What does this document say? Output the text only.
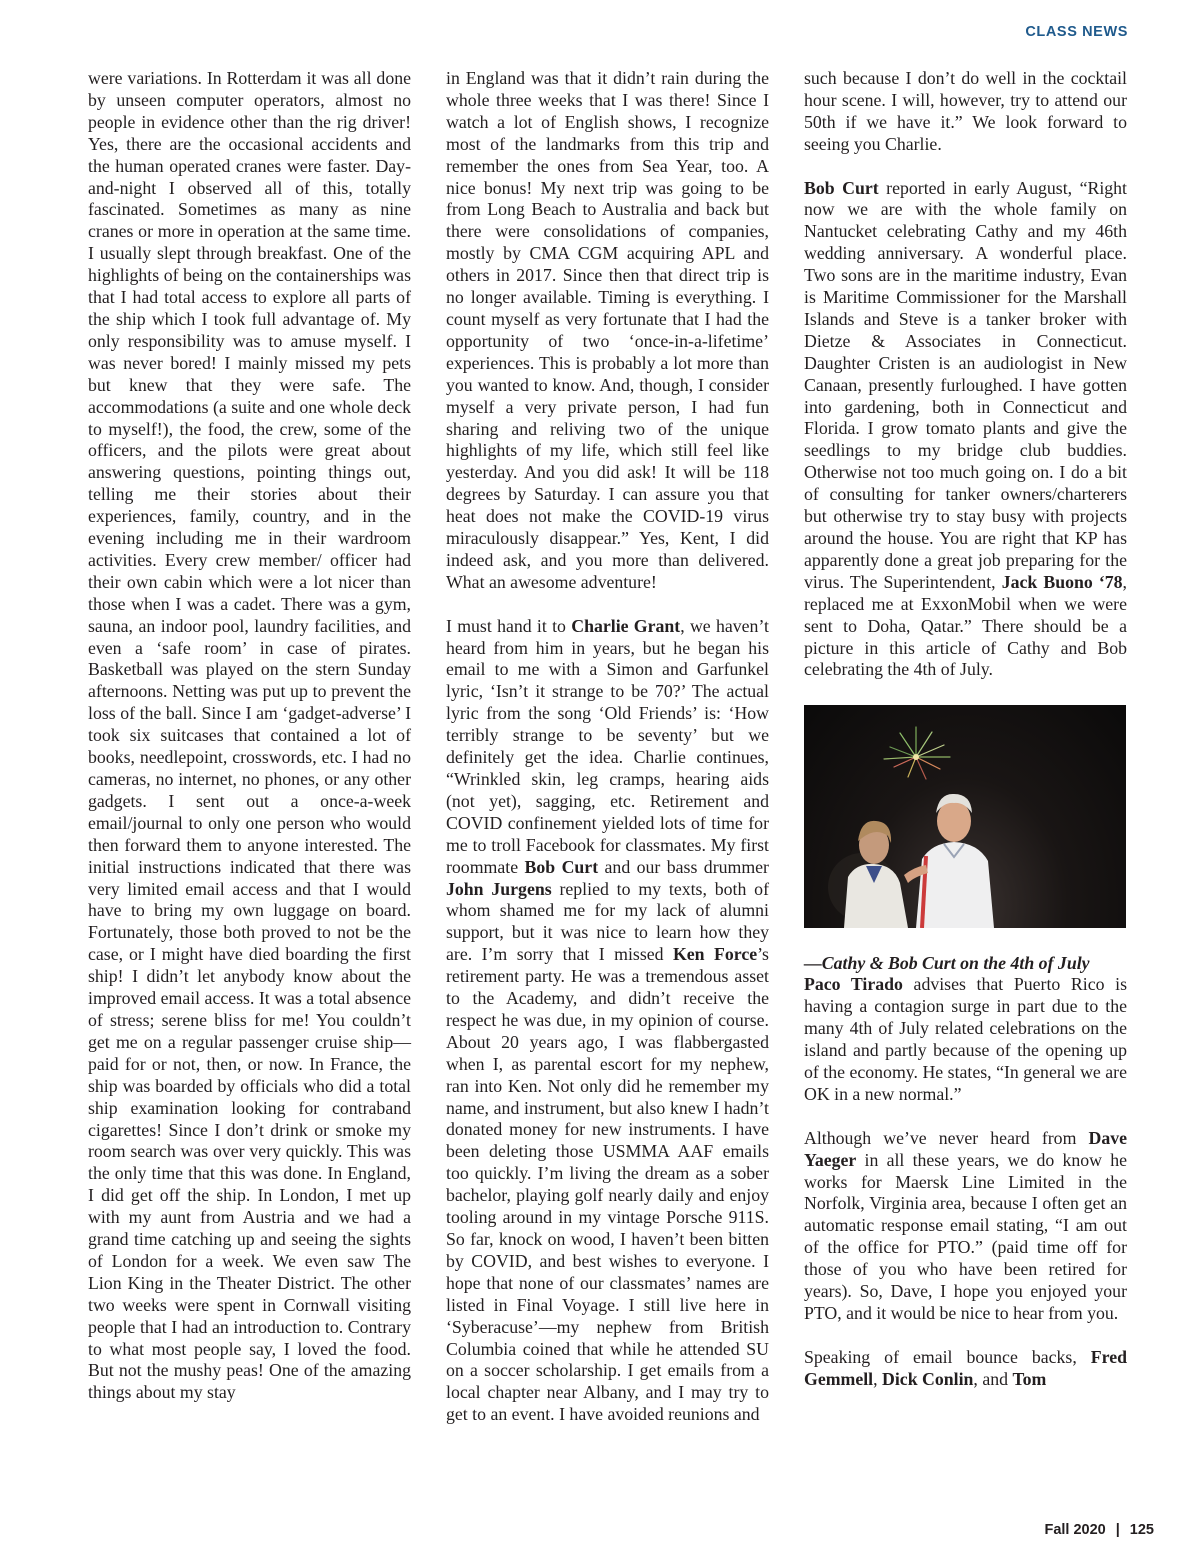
CLASS NEWS

were variations. In Rotterdam it was all done by unseen computer operators, almost no people in evidence other than the rig driver! Yes, there are the occasional accidents and the human operated cranes were faster. Day-and-night I observed all of this, totally fascinated. Sometimes as many as nine cranes or more in operation at the same time. I usually slept through breakfast. One of the highlights of being on the containerships was that I had total access to explore all parts of the ship which I took full advantage of. My only responsibility was to amuse myself. I was never bored! I mainly missed my pets but knew that they were safe. The accommodations (a suite and one whole deck to myself!), the food, the crew, some of the officers, and the pilots were great about answering questions, pointing things out, telling me their stories about their experiences, family, country, and in the evening including me in their wardroom activities. Every crew member/ officer had their own cabin which were a lot nicer than those when I was a cadet. There was a gym, sauna, an indoor pool, laundry facilities, and even a ‘safe room’ in case of pirates. Basketball was played on the stern Sunday afternoons. Netting was put up to prevent the loss of the ball. Since I am ‘gadget-adverse’ I took six suitcases that contained a lot of books, needlepoint, crosswords, etc. I had no cameras, no internet, no phones, or any other gadgets. I sent out a once-a-week email/journal to only one person who would then forward them to anyone interested. The initial instructions indicated that there was very limited email access and that I would have to bring my own luggage on board. Fortunately, those both proved to not be the case, or I might have died boarding the first ship! I didn’t let anybody know about the improved email access. It was a total absence of stress; serene bliss for me! You couldn’t get me on a regular passenger cruise ship—paid for or not, then, or now. In France, the ship was boarded by officials who did a total ship examination looking for contraband cigarettes! Since I don’t drink or smoke my room search was over very quickly. This was the only time that this was done. In England, I did get off the ship. In London, I met up with my aunt from Austria and we had a grand time catching up and seeing the sights of London for a week. We even saw The Lion King in the Theater District. The other two weeks were spent in Cornwall visiting people that I had an introduction to. Contrary to what most people say, I loved the food. But not the mushy peas! One of the amazing things about my stay

in England was that it didn’t rain during the whole three weeks that I was there! Since I watch a lot of English shows, I recognize most of the landmarks from this trip and remember the ones from Sea Year, too. A nice bonus! My next trip was going to be from Long Beach to Australia and back but there were consolidations of companies, mostly by CMA CGM acquiring APL and others in 2017. Since then that direct trip is no longer available. Timing is everything. I count myself as very fortunate that I had the opportunity of two ‘once-in-a-lifetime’ experiences. This is probably a lot more than you wanted to know. And, though, I consider myself a very private person, I had fun sharing and reliving two of the unique highlights of my life, which still feel like yesterday. And you did ask! It will be 118 degrees by Saturday. I can assure you that heat does not make the COVID-19 virus miraculously disappear.” Yes, Kent, I did indeed ask, and you more than delivered. What an awesome adventure!

I must hand it to Charlie Grant, we haven’t heard from him in years, but he began his email to me with a Simon and Garfunkel lyric, ‘Isn’t it strange to be 70?’ The actual lyric from the song ‘Old Friends’ is: ‘How terribly strange to be seventy’ but we definitely get the idea. Charlie continues, “Wrinkled skin, leg cramps, hearing aids (not yet), sagging, etc. Retirement and COVID confinement yielded lots of time for me to troll Facebook for classmates. My first roommate Bob Curt and our bass drummer John Jurgens replied to my texts, both of whom shamed me for my lack of alumni support, but it was nice to learn how they are. I’m sorry that I missed Ken Force’s retirement party. He was a tremendous asset to the Academy, and didn’t receive the respect he was due, in my opinion of course. About 20 years ago, I was flabbergasted when I, as parental escort for my nephew, ran into Ken. Not only did he remember my name, and instrument, but also knew I hadn’t donated money for new instruments. I have been deleting those USMMA AAF emails too quickly. I’m living the dream as a sober bachelor, playing golf nearly daily and enjoy tooling around in my vintage Porsche 911S. So far, knock on wood, I haven’t been bitten by COVID, and best wishes to everyone. I hope that none of our classmates’ names are listed in Final Voyage. I still live here in ‘Syberacuse’—my nephew from British Columbia coined that while he attended SU on a soccer scholarship. I get emails from a local chapter near Albany, and I may try to get to an event. I have avoided reunions and

such because I don’t do well in the cocktail hour scene. I will, however, try to attend our 50th if we have it.” We look forward to seeing you Charlie.

Bob Curt reported in early August, “Right now we are with the whole family on Nantucket celebrating Cathy and my 46th wedding anniversary. A wonderful place. Two sons are in the maritime industry, Evan is Maritime Commissioner for the Marshall Islands and Steve is a tanker broker with Dietze & Associates in Connecticut. Daughter Cristen is an audiologist in New Canaan, presently furloughed. I have gotten into gardening, both in Connecticut and Florida. I grow tomato plants and give the seedlings to my bridge club buddies. Otherwise not too much going on. I do a bit of consulting for tanker owners/charterers but otherwise try to stay busy with projects around the house. You are right that KP has apparently done a great job preparing for the virus. The Superintendent, Jack Buono ‘78, replaced me at ExxonMobil when we were sent to Doha, Qatar.” There should be a picture in this article of Cathy and Bob celebrating the 4th of July.

—Cathy & Bob Curt on the 4th of July

Paco Tirado advises that Puerto Rico is having a contagion surge in part due to the many 4th of July related celebrations on the island and partly because of the opening up of the economy. He states, “In general we are OK in a new normal.”

Although we’ve never heard from Dave Yaeger in all these years, we do know he works for Maersk Line Limited in the Norfolk, Virginia area, because I often get an automatic response email stating, “I am out of the office for PTO.” (paid time off for those of you who have been retired for years). So, Dave, I hope you enjoyed your PTO, and it would be nice to hear from you.

Speaking of email bounce backs, Fred Gemmell, Dick Conlin, and Tom

Fall 2020 | 125
